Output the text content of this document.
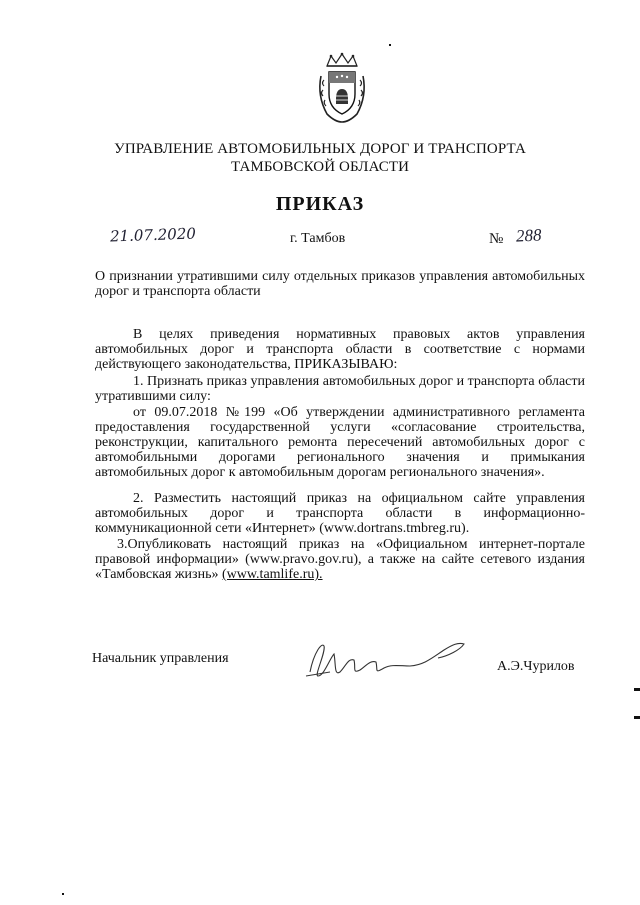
УПРАВЛЕНИЕ АВТОМОБИЛЬНЫХ ДОРОГ И ТРАНСПОРТА
ТАМБОВСКОЙ ОБЛАСТИ
ПРИКАЗ
21.07.2020	г. Тамбов	№ 288
О признании утратившими силу отдельных приказов управления автомобильных дорог и транспорта области

В целях приведения нормативных правовых актов управления автомобильных дорог и транспорта области в соответствие с нормами действующего законодательства, ПРИКАЗЫВАЮ:

1. Признать приказ управления автомобильных дорог и транспорта области утратившими силу:

от 09.07.2018 №199 «Об утверждении административного регламента предоставления государственной услуги «согласование строительства, реконструкции, капитального ремонта пересечений автомобильных дорог с автомобильными дорогами регионального значения и примыкания автомобильных дорог к автомобильным дорогам регионального значения».

2. Разместить настоящий приказ на официальном сайте управления автомобильных дорог и транспорта области в информационно-коммуникационной сети «Интернет» (www.dortrans.tmbreg.ru).

3.Опубликовать настоящий приказ на «Официальном интернет-портале правовой информации» (www.pravo.gov.ru), а также на сайте сетевого издания «Тамбовская жизнь» (www.tamlife.ru).

Начальник управления
А.Э.Чурилов
